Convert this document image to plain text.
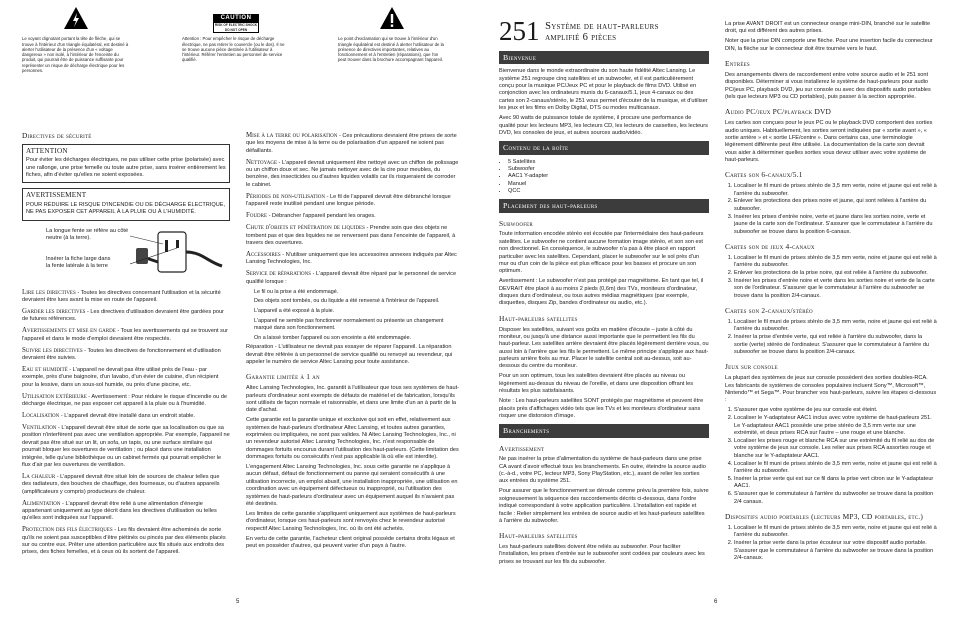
Le voyant clignotant portant la tête de flèche, qui se trouve à l'intérieur d'un triangle équilatéral, est destiné à alerter l'utilisateur de la présence d'un « voltage dangereux » non isolé, à l'intérieur de l'enceinte du produit, qui pourrait être de puissance suffisante pour représenter un risque de décharge électrique pour les personnes.
CAUTION
RISK OF ELECTRIC SHOCK DO NOT OPEN
Attention : Pour empêcher le risque de décharge électrique, ne pas retirer le couvercle (ou le dos). Il ne se trouve aucune pièce destinée à l'utilisateur à l'intérieur. Référer l'entretien au personnel de service qualifié.
Le point d'exclamation qui se trouve à l'intérieur d'un triangle équilatéral est destiné à alerter l'utilisateur de la présence de directives importantes, relatives au fonctionnement et à l'entretien (réparations), que l'on peut trouver dans la brochure accompagnant l'appareil.
Directives de sécurité
ATTENTION
Pour éviter les décharges électriques, ne pas utiliser cette prise (polarisée) avec une rallonge, une prise femelle ou toute autre prise, sans insérer entièrement les fiches, afin d'éviter qu'elles ne soient exposées.
AVERTISSEMENT
POUR RÉDUIRE LE RISQUE D'INCENDIE OU DE DÉCHARGE ÉLECTRIQUE, NE PAS EXPOSER CET APPAREIL À LA PLUIE OU À L'HUMIDITÉ.
La longue fente se référe au côté neutre (à la terre).
Insérer la fiche large dans la fente latérale à la terre

Lire les directives - Toutes les directives concernant l'utilisation et la sécurité devraient être lues avant la mise en route de l'appareil.

Garder les directives - Les directives d'utilisation devraient être gardées pour de futures références.

Avertissements et mise en garde - Tous les avertissements qui se trouvent sur l'appareil et dans le mode d'emploi devraient être respectés.

Suivre les directives - Toutes les directives de fonctionnement et d'utilisation devraient être suivies.

Eau et humidité - L'appareil ne devrait pas être utilisé près de l'eau - par exemple, près d'une baignoire, d'un lavabo, d'un évier de cuisine, d'un récipient pour la lessive, dans un sous-sol humide, ou près d'une piscine, etc.

Utilisation extérieure - Avertissement : Pour réduire le risque d'incendie ou de décharge électrique, ne pas exposer cet appareil à la pluie ou à l'humidité.

Localisation - L'appareil devrait être installé dans un endroit stable.

Ventilation - L'appareil devrait être situé de sorte que sa localisation ou que sa position n'interfèrent pas avec une ventilation appropriée. Par exemple, l'appareil ne devrait pas être situé sur un lit, un sofa, un tapis, ou une surface similaire qui pourrait bloquer les ouvertures de ventilation ; ou placé dans une installation intégrée, telle qu'une bibliothèque ou un cabinet fermés qui pourrait empêcher le flux d'air par les ouvertures de ventilation.

La chaleur - L'appareil devrait être situé loin de sources de chaleur telles que des radiateurs, des bouches de chauffage, des fourneaux, ou d'autres appareils (amplificateurs y compris) producteurs de chaleur.

Alimentation - L'appareil devrait être relié à une alimentation d'énergie appartenant uniquement au type décrit dans les directives d'utilisation ou telles qu'elles sont indiquées sur l'appareil.

Protection des fils électriques - Les fils devraient être acheminés de sorte qu'ils ne soient pas susceptibles d'être piétinés ou pincés par des éléments placés sur ou contre eux. Prêter une attention particulière aux fils situés aux endroits des prises, des fiches femelles, et à ceux où ils sortent de l'appareil.

Mise à la terre ou polarisation - Ces précautions devraient être prises de sorte que les moyens de mise à la terre ou de polarisation d'un appareil ne soient pas défaillants.

Nettoyage - L'appareil devrait uniquement être nettoyé avec un chiffon de polissage ou un chiffon doux et sec. Ne jamais nettoyer avec de la cire pour meubles, du benzène, des insecticides ou d'autres liquides volatils car ils risqueraient de corroder le cabinet.

Périodes de non-utilisation - Le fil de l'appareil devrait être débranché lorsque l'appareil reste inutilisé pendant une longue période.

Foudre - Débrancher l'appareil pendant les orages.

Chute d'objets et pénétration de liquides - Prendre soin que des objets ne tombent pas et que des liquides ne se renversent pas dans l'enceinte de l'appareil, à travers des ouvertures.

Accessoires - N'utiliser uniquement que les accessoires annexes indiqués par Altec Lansing Technologies, Inc.

Service de réparations - L'appareil devrait être réparé par le personnel de service qualifié lorsque :

Le fil ou la prise a été endommagé.

Des objets sont tombés, ou du liquide a été renversé à l'intérieur de l'appareil.

L'appareil a été exposé à la pluie.

L'appareil ne semble pas fonctionner normalement ou présente un changement marqué dans son fonctionnement.

On a laissé tomber l'appareil ou son enceinte a été endommagée.

Réparation - L'utilisateur ne devrait pas essayer de réparer l'appareil. La réparation devrait être référée à un personnel de service qualifié ou renvoyé au revendeur, qui appeler le numéro de service Altec Lansing pour toute assistance.

Garantie limitée à 1 an

Altec Lansing Technologies, Inc. garantit à l'utilisateur que tous ses systèmes de haut-parleurs d'ordinateur sont exempts de défauts de matériel et de fabrication, lorsqu'ils sont utilisés de façon normale et raisonnable, et dans une limite d'un an à partir de la date d'achat.

Cette garantie est la garantie unique et exclusive qui soit en effet, relativement aux systèmes de haut-parleurs d'ordinateur Altec Lansing, et toutes autres garanties, exprimées ou impliquées, ne sont pas valides. Ni Altec Lansing Technologies, Inc., ni un revendeur autorisé Altec Lansing Technologies, Inc. n'est responsable de dommages fortuits encourus durant l'utilisation des haut-parleurs. (Cette limitation des dommages fortuits ou consécutifs n'est pas applicable là où elle est interdite).

L'engagement Altec Lansing Technologies, Inc. sous cette garantie ne s'applique à aucun défaut, défaut de fonctionnement ou panne qui seraient consécutifs à une utilisation incorrecte, un emploi abusif, une installation inappropriée, une utilisation en coordination avec un équipement défectueux ou inapproprié, ou l'utilisation des systèmes de haut-parleurs d'ordinateur avec un équipement auquel ils n'avaient pas été destinés.

Les limites de cette garantie s'appliquent uniquement aux systèmes de haut-parleurs d'ordinateur, lorsque ces haut-parleurs sont renvoyés chez le revendeur autorisé respectif Altec Lansing Technologies, Inc. où ils ont été achetés.

En vertu de cette garantie, l'acheteur client original possède certains droits légaux et peut en posséder d'autres, qui peuvent varier d'un pays à l'autre.

5
251 Système de haut-parleurs
amplifié 6 pièces
Bienvenue

Bienvenue dans le monde extraordinaire du son haute fidélité Altec Lansing. Le système 251 regroupe cinq satellites et un subwoofer, et il est particulièrement conçu pour la musique PC/Jeux PC et pour le playback de films DVD. Utilisé en conjonction avec les ordinateurs munis du 6-canaux/5.1, jeux 4-canaux ou des cartes son 2-canaux/stéréo, le 251 vous permet d'écouter de la musique, et d'utiliser les jeux et les films en Dolby Digital, DTS ou modes multicanaux.

Avec 90 watts de puissance totale de système, il procure une performance de qualité pour les lecteurs MP3, les lecteurs CD, les lecteurs de cassettes, les lecteurs DVD, les consoles de jeux, et autres sources audio/vidéo.

Contenu de la boîte
• 5 Satellites
• Subwoofer
• AAC1 Y-adapter
• Manuel
• QCC
Placement des haut-parleurs
Subwoofer

Toute information encodée stéréo est écoutée par l'intermédiaire des haut-parleurs satellites. Le subwoofer ne contient aucune formation image stéréo, et son son est non directionnel. En conséquence, le subwoofer n'a pas à être placé en rapport particulier avec les satellites. Cependant, placer le subwoofer sur le sol près d'un mur ou d'un coin de la pièce est plus efficace pour les basses et procure un son optimum.

Avertissement : Le subwoofer n'est pas protégé par magnétisme. En tant que tel, il DEVRAIT être placé à au moins 2 pieds (0,6m) des TVs, moniteurs d'ordinateur, disques durs d'ordinateur, ou tous autres médias magnétiques (par exemple, disquettes, disques Zip, bandes d'ordinateur ou audio, etc.).

Haut-parleurs satellites

Disposer les satellites, suivant vos goûts en matière d'écoute – juste à côté du moniteur, ou jusqu'à une distance aussi importante que le permettent les fils du haut-parleur. Les satellites arrière devraient être placés légèrement derrière vous, ou aussi loin à l'arrière que les fils le permettent. Le même principe s'applique aux haut-parleurs arrière fixés au mur. Placer le satellite central soit au-dessus, soit au-dessous du centre du moniteur.

Pour un son optimum, tous les satellites devraient être placés au niveau ou légèrement au-dessus du niveau de l'oreille, et dans une disposition offrant les résultats les plus satisfaisants.

Note : Les haut-parleurs satellites SONT protégés par magnétisme et peuvent être placés près d'affichages vidéo tels que les TVs et les moniteurs d'ordinateur sans risquer une distorsion d'image.

Branchements
Avertissement

Ne pas insérer la prise d'alimentation du système de haut-parleurs dans une prise CA avant d'avoir effectué tous les branchements. En outre, éteindre la source audio (c.-à-d., votre PC, lecteur MP3, Sony PlayStation, etc.), avant de relier les sorties aux entrées du système 251.

Pour assurer que le fonctionnement se déroule comme prévu la première fois, suivre soigneusement la séquence des raccordements décrits ci-dessous, dans l'ordre indiqué correspondant à votre application particulière. L'installation est rapide et facile : Relier simplement les entrées de source audio et les haut-parleurs satellites à l'arrière du subwoofer.

Haut-parleurs satellites

Les haut-parleurs satellites doivent être reliés au subwoofer. Pour faciliter l'installation, les prises d'entrée sur le subwoofer sont codées par couleurs avec les prises se trouvant sur les fils du subwoofer.

La prise AVANT DROIT est un connecteur orange mini-DIN, branché sur le satellite droit, qui est différent des autres prises.

Noter que la prise DIN comporte une flèche. Pour une insertion facile du connecteur DIN, la flèche sur le connecteur doit être tournée vers le haut.

Entrées

Des arrangements divers de raccordement entre votre source audio et le 251 sont disponibles. Déterminer si vous installerez le système de haut-parleurs pour audio PC/jeux PC, playback DVD, jeu sur console ou avec des dispositifs audio portables (tels que lecteurs MP3 ou CD portables), puis passer à la section appropriée.

Audio PC/jeux PC/playback DVD

Les cartes son conçues pour le jeux PC ou le playback DVD comportent des sorties audio uniques. Habituellement, les sorties seront indiquées par « sortie avant », « sortie arrière » et « sortie LFE/centre ». Dans certains cas, une terminologie légèrement différente peut être utilisée. La documentation de la carte son devrait vous aider à déterminer quelles sorties vous devez utiliser avec votre système de haut-parleurs.

Cartes son 6-canaux/5.1
1. Localiser le fil muni de prises stéréo de 3,5 mm verte, noire et jaune qui est relié à l'arrière du subwoofer.
2. Enlever les protections des prises noire et jaune, qui sont reliées à l'arrière du subwoofer.
3. Insérer les prises d'entrée noire, verte et jaune dans les sorties noire, verte et jaune de la carte son de l'ordinateur. S'assurer que le commutateur à l'arrière du subwoofer se trouve dans la position 6-canaux.
Cartes son de jeux 4-canaux
1. Localiser le fil muni de prises stéréo de 3,5 mm verte, noire et jaune qui est relié à l'arrière du subwoofer.
2. Enlever les protections de la prise noire, qui est reliée à l'arrière du subwoofer.
3. Insérer les prises d'entrée noire et verte dans les sorties noire et verte de la carte son de l'ordinateur. S'assurer que le commutateur à l'arrière du subwoofer se trouve dans la position 2/4-canaux.
Cartes son 2-canaux/stéréo
1. Localiser le fil muni de prises stéréo de 3,5 mm verte, noire et jaune qui est relié à l'arrière du subwoofer.
2. Insérer la prise d'entrée verte, qui est reliée à l'arrière du subwoofer, dans la sortie (verte) stéréo de l'ordinateur. S'assurer que le commutateur à l'arrière du subwoofer se trouve dans la position 2/4-canaux.
Jeux sur console

La plupart des systèmes de jeux sur console possèdent des sorties doubles-RCA. Les fabricants de systèmes de consoles populaires incluent Sony™, Microsoft™, Nintendo™ et Sega™. Pour brancher vos haut-parleurs, suivre les étapes ci-dessous :

1. S'assurer que votre système de jeu sur console est éteint.
2. Localiser le Y-adaptateur AAC1 inclus avec votre système de haut-parleurs 251. Le Y-adaptateur AAC1 possède une prise stéréo de 3,5 mm verte sur une extrémité, et deux prises RCA sur l'autre – une rouge et une blanche.
3. Localiser les prises rouge et blanche RCA sur une extrémité du fil relié au dos de votre système de jeux sur console. Les relier aux prises RCA assorties rouge et blanche sur le Y-adaptateur AAC1.
4. Localiser le fil muni de prises stéréo de 3,5 mm verte, noire et jaune qui est relié à l'arrière du subwoofer.
5. Insérer la prise verte qui est sur ce fil dans la prise vert citron sur le Y-adaptateur AAC1.
6. S'assurer que le commutateur à l'arrière du subwoofer se trouve dans la position 2/4 canaux.
Dispositifs audio portables (lecteurs MP3, CD portables, etc.)
1. Localiser le fil muni de prises stéréo de 3,5 mm verte, noire et jaune qui est relié à l'arrière du subwoofer.
2. Insérer la prise verte dans la prise écouteur sur votre dispositif audio portable. S'assurer que le commutateur à l'arrière du subwoofer se trouve dans la position 2/4-canaux.
6
